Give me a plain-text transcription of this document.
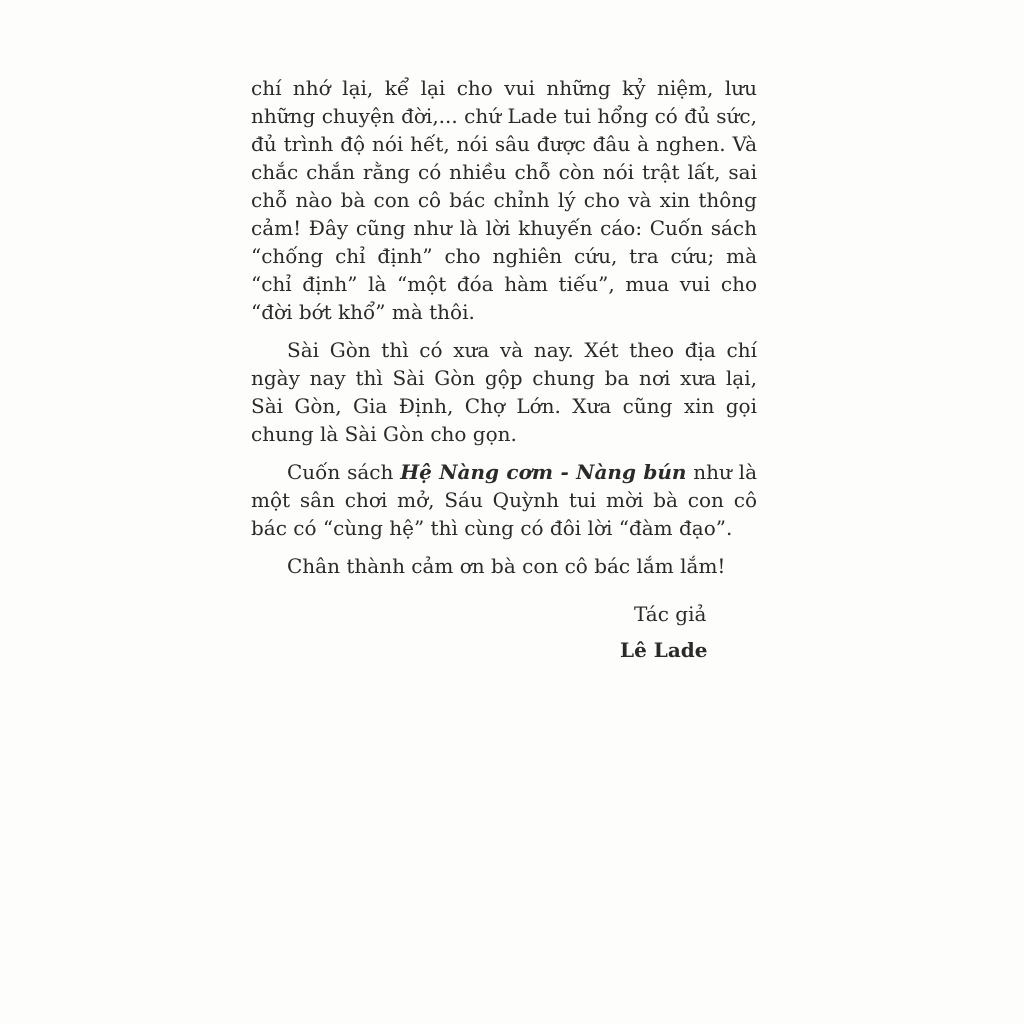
chí nhớ lại, kể lại cho vui những kỷ niệm, lưu những chuyện đời,... chứ Lade tui hổng có đủ sức, đủ trình độ nói hết, nói sâu được đâu à nghen. Và chắc chắn rằng có nhiều chỗ còn nói trật lất, sai chỗ nào bà con cô bác chỉnh lý cho và xin thông cảm! Đây cũng như là lời khuyến cáo: Cuốn sách “chống chỉ định” cho nghiên cứu, tra cứu; mà “chỉ định” là “một đóa hàm tiếu”, mua vui cho “đời bớt khổ” mà thôi.

Sài Gòn thì có xưa và nay. Xét theo địa chí ngày nay thì Sài Gòn gộp chung ba nơi xưa lại, Sài Gòn, Gia Định, Chợ Lớn. Xưa cũng xin gọi chung là Sài Gòn cho gọn.

Cuốn sách Hệ Nàng cơm - Nàng bún như là một sân chơi mở, Sáu Quỳnh tui mời bà con cô bác có “cùng hệ” thì cùng có đôi lời “đàm đạo”.

Chân thành cảm ơn bà con cô bác lắm lắm!

Tác giả
Lê Lade
